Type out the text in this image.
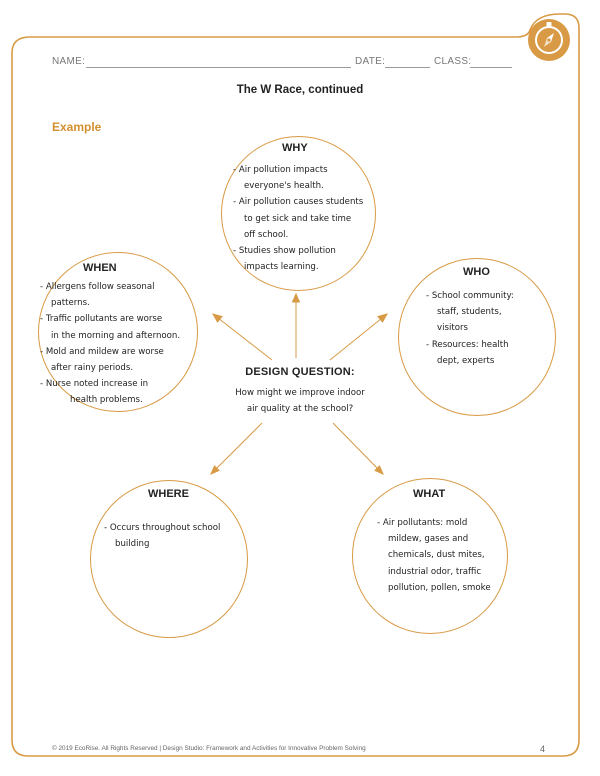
NAME:	DATE:	CLASS:
The W Race, continued
Example
WHY
- Air pollution impacts
everyone's health.
- Air pollution causes students
to get sick and take time
off school.
- Studies show pollution
impacts learning.
WHEN
- Allergens follow seasonal
patterns.
- Traffic pollutants are worse
in the morning and afternoon.
- Mold and mildew are worse
after rainy periods.
- Nurse noted increase in
health problems.
WHO
- School community:
staff, students,
visitors
- Resources: health
dept, experts
DESIGN QUESTION:
How might we improve indoor
air quality at the school?
WHERE
- Occurs throughout school
building
WHAT
- Air pollutants: mold
mildew, gases and
chemicals, dust mites,
industrial odor, traffic
pollution, pollen, smoke
© 2019 EcoRise. All Rights Reserved | Design Studio: Framework and Activities for Innovative Problem Solving	4
